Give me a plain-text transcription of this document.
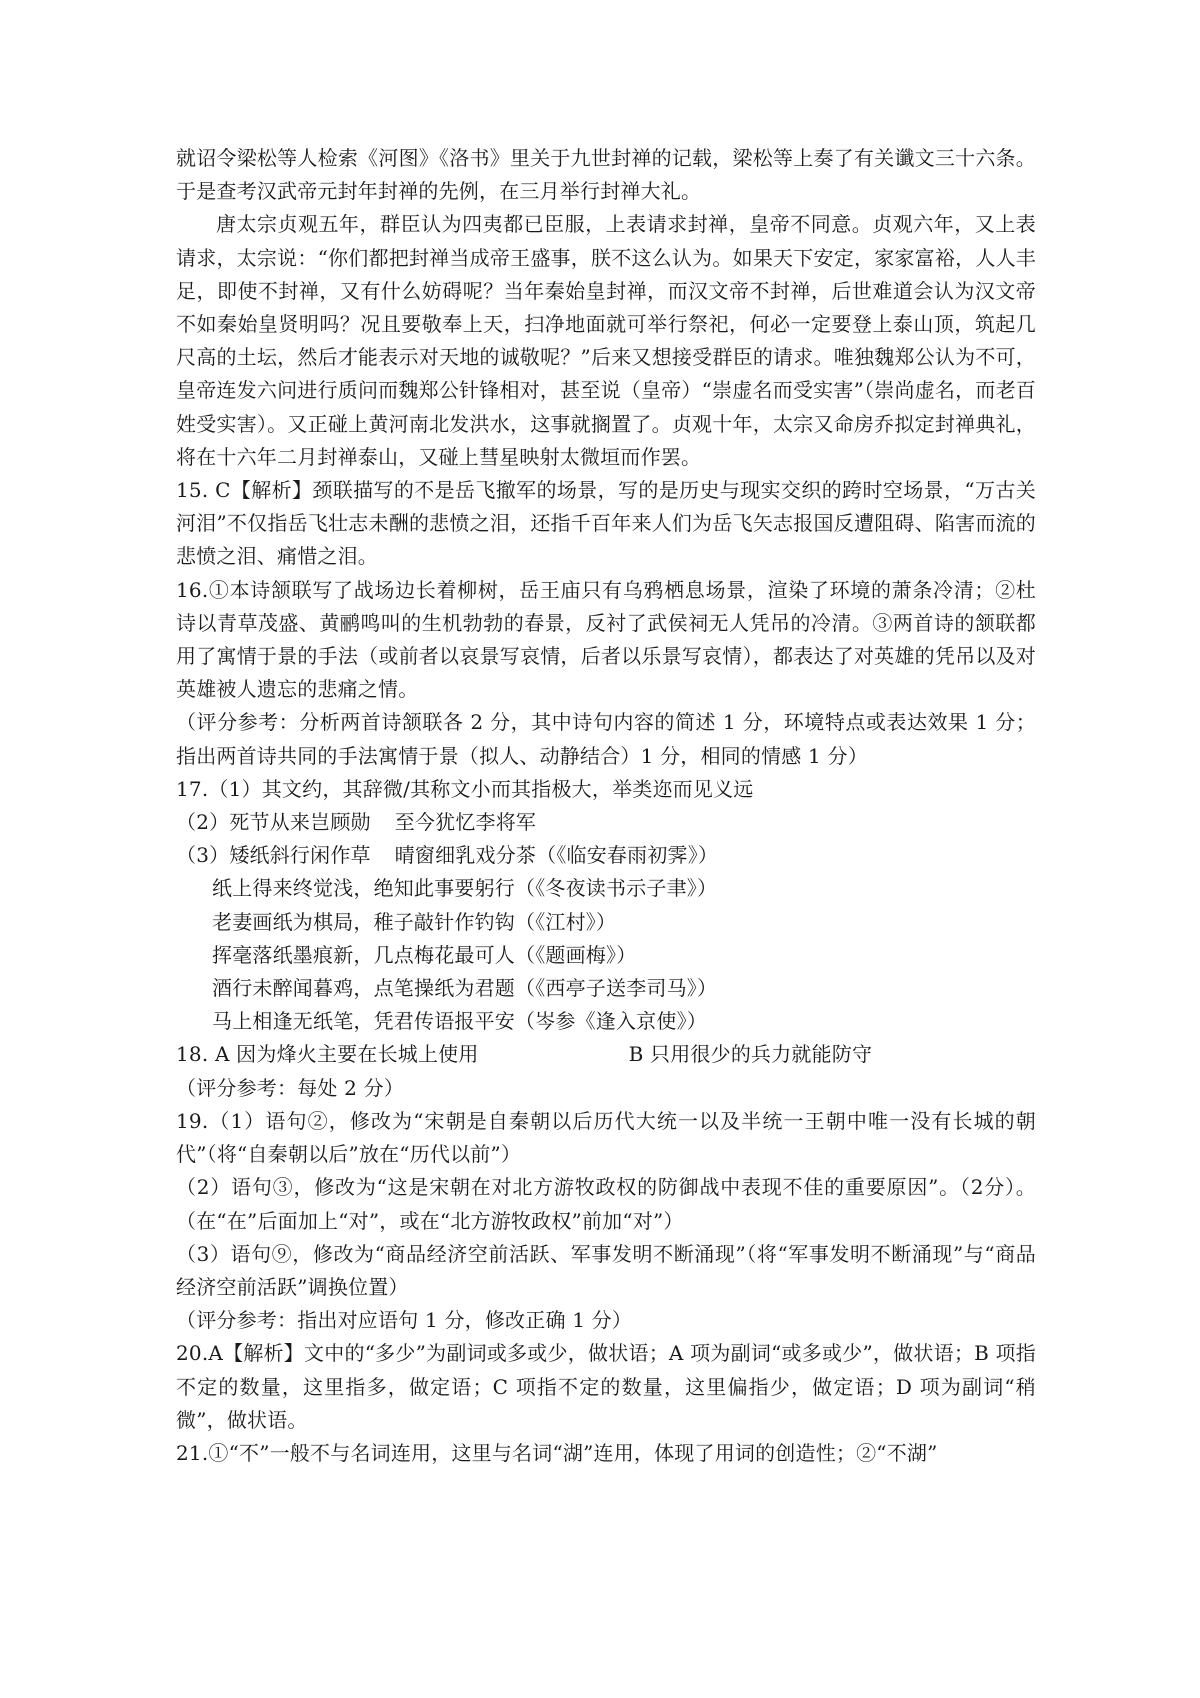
就诏令梁松等人检索《河图》《洛书》里关于九世封禅的记载，梁松等上奏了有关谶文三十六条。于是查考汉武帝元封年封禅的先例，在三月举行封禅大礼。

唐太宗贞观五年，群臣认为四夷都已臣服，上表请求封禅，皇帝不同意。贞观六年，又上表请求，太宗说：“你们都把封禅当成帝王盛事，朕不这么认为。如果天下安定，家家富裕，人人丰足，即使不封禅，又有什么妨碍呢？当年秦始皇封禅，而汉文帝不封禅，后世难道会认为汉文帝不如秦始皇贤明吗？况且要敬奉上天，扫净地面就可举行祭祀，何必一定要登上泰山顶，筑起几尺高的土坛，然后才能表示对天地的诚敬呢？”后来又想接受群臣的请求。唯独魏郑公认为不可，皇帝连发六问进行质问而魏郑公针锋相对，甚至说（皇帝）“崇虚名而受实害”（崇尚虚名，而老百姓受实害）。又正碰上黄河南北发洪水，这事就搁置了。贞观十年，太宗又命房乔拟定封禅典礼，将在十六年二月封禅泰山，又碰上彗星映射太微垣而作罢。

15. C【解析】颈联描写的不是岳飞撤军的场景，写的是历史与现实交织的跨时空场景，“万古关河泪”不仅指岳飞壮志未酬的悲愤之泪，还指千百年来人们为岳飞矢志报国反遭阻碍、陷害而流的悲愤之泪、痛惜之泪。

16.①本诗颔联写了战场边长着柳树，岳王庙只有乌鸦栖息场景，渲染了环境的萧条冷清；②杜诗以青草茂盛、黄鹂鸣叫的生机勃勃的春景，反衬了武侯祠无人凭吊的冷清。③两首诗的颔联都用了寓情于景的手法（或前者以哀景写哀情，后者以乐景写哀情），都表达了对英雄的凭吊以及对英雄被人遗忘的悲痛之情。

（评分参考：分析两首诗颔联各 2 分，其中诗句内容的简述 1 分，环境特点或表达效果 1 分；指出两首诗共同的手法寓情于景（拟人、动静结合）1 分，相同的情感 1 分）

17.（1）其文约，其辞微/其称文小而其指极大，举类迩而见义远

（2）死节从来岂顾勋 至今犹忆李将军

（3）矮纸斜行闲作草 晴窗细乳戏分茶（《临安春雨初霁》）

纸上得来终觉浅，绝知此事要躬行（《冬夜读书示子聿》）

老妻画纸为棋局，稚子敲针作钓钩（《江村》）

挥毫落纸墨痕新，几点梅花最可人（《题画梅》）

酒行未醉闻暮鸡，点笔操纸为君题（《西亭子送李司马》）

马上相逢无纸笔，凭君传语报平安（岑参《逢入京使》）

18. A 因为烽火主要在长城上使用	B 只用很少的兵力就能防守

（评分参考：每处 2 分）

19.（1）语句②，修改为“宋朝是自秦朝以后历代大统一以及半统一王朝中唯一没有长城的朝代”（将“自秦朝以后”放在“历代以前”）

（2）语句③，修改为“这是宋朝在对北方游牧政权的防御战中表现不佳的重要原因”。（2分）。（在“在”后面加上“对”，或在“北方游牧政权”前加“对”）

（3）语句⑨，修改为“商品经济空前活跃、军事发明不断涌现”（将“军事发明不断涌现”与“商品经济空前活跃”调换位置）

（评分参考：指出对应语句 1 分，修改正确 1 分）

20.A【解析】文中的“多少”为副词或多或少，做状语；A 项为副词“或多或少”，做状语；B 项指不定的数量，这里指多，做定语；C 项指不定的数量，这里偏指少，做定语；D 项为副词“稍微”，做状语。

21.①“不”一般不与名词连用，这里与名词“湖”连用，体现了用词的创造性；②“不湖”
